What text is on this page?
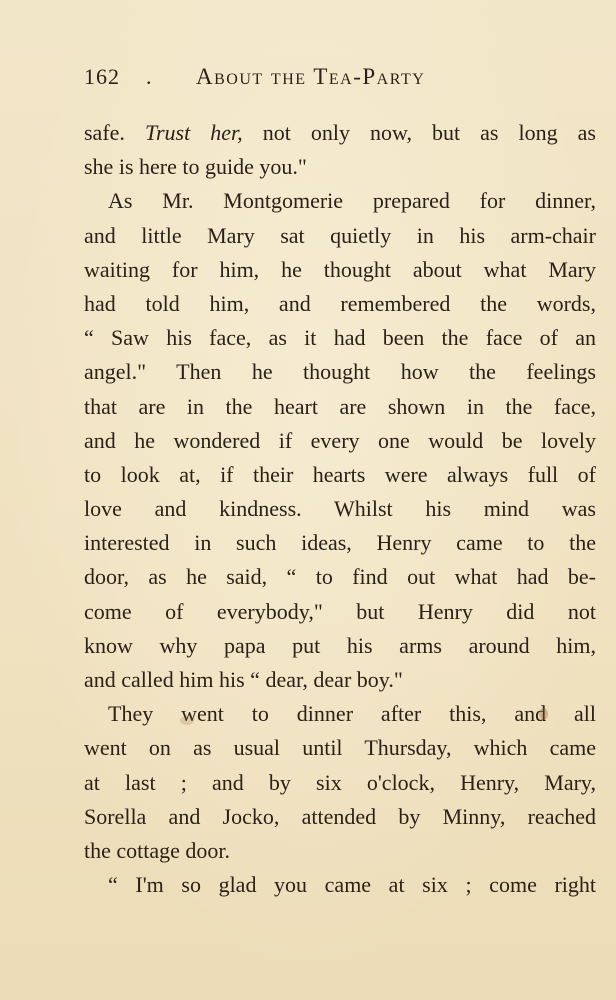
162 . About the Tea-Party
safe. Trust her, not only now, but as long as
she is here to guide you."
As Mr. Montgomerie prepared for dinner,
and little Mary sat quietly in his arm-chair
waiting for him, he thought about what Mary
had told him, and remembered the words,
“ Saw his face, as it had been the face of an
angel." Then he thought how the feelings
that are in the heart are shown in the face,
and he wondered if every one would be lovely
to look at, if their hearts were always full of
love and kindness. Whilst his mind was
interested in such ideas, Henry came to the
door, as he said, “ to find out what had be-
come of everybody," but Henry did not
know why papa put his arms around him,
and called him his “ dear, dear boy."
They went to dinner after this, and all
went on as usual until Thursday, which came
at last ; and by six o'clock, Henry, Mary,
Sorella and Jocko, attended by Minny, reached
the cottage door.
“ I'm so glad you came at six ; come right
